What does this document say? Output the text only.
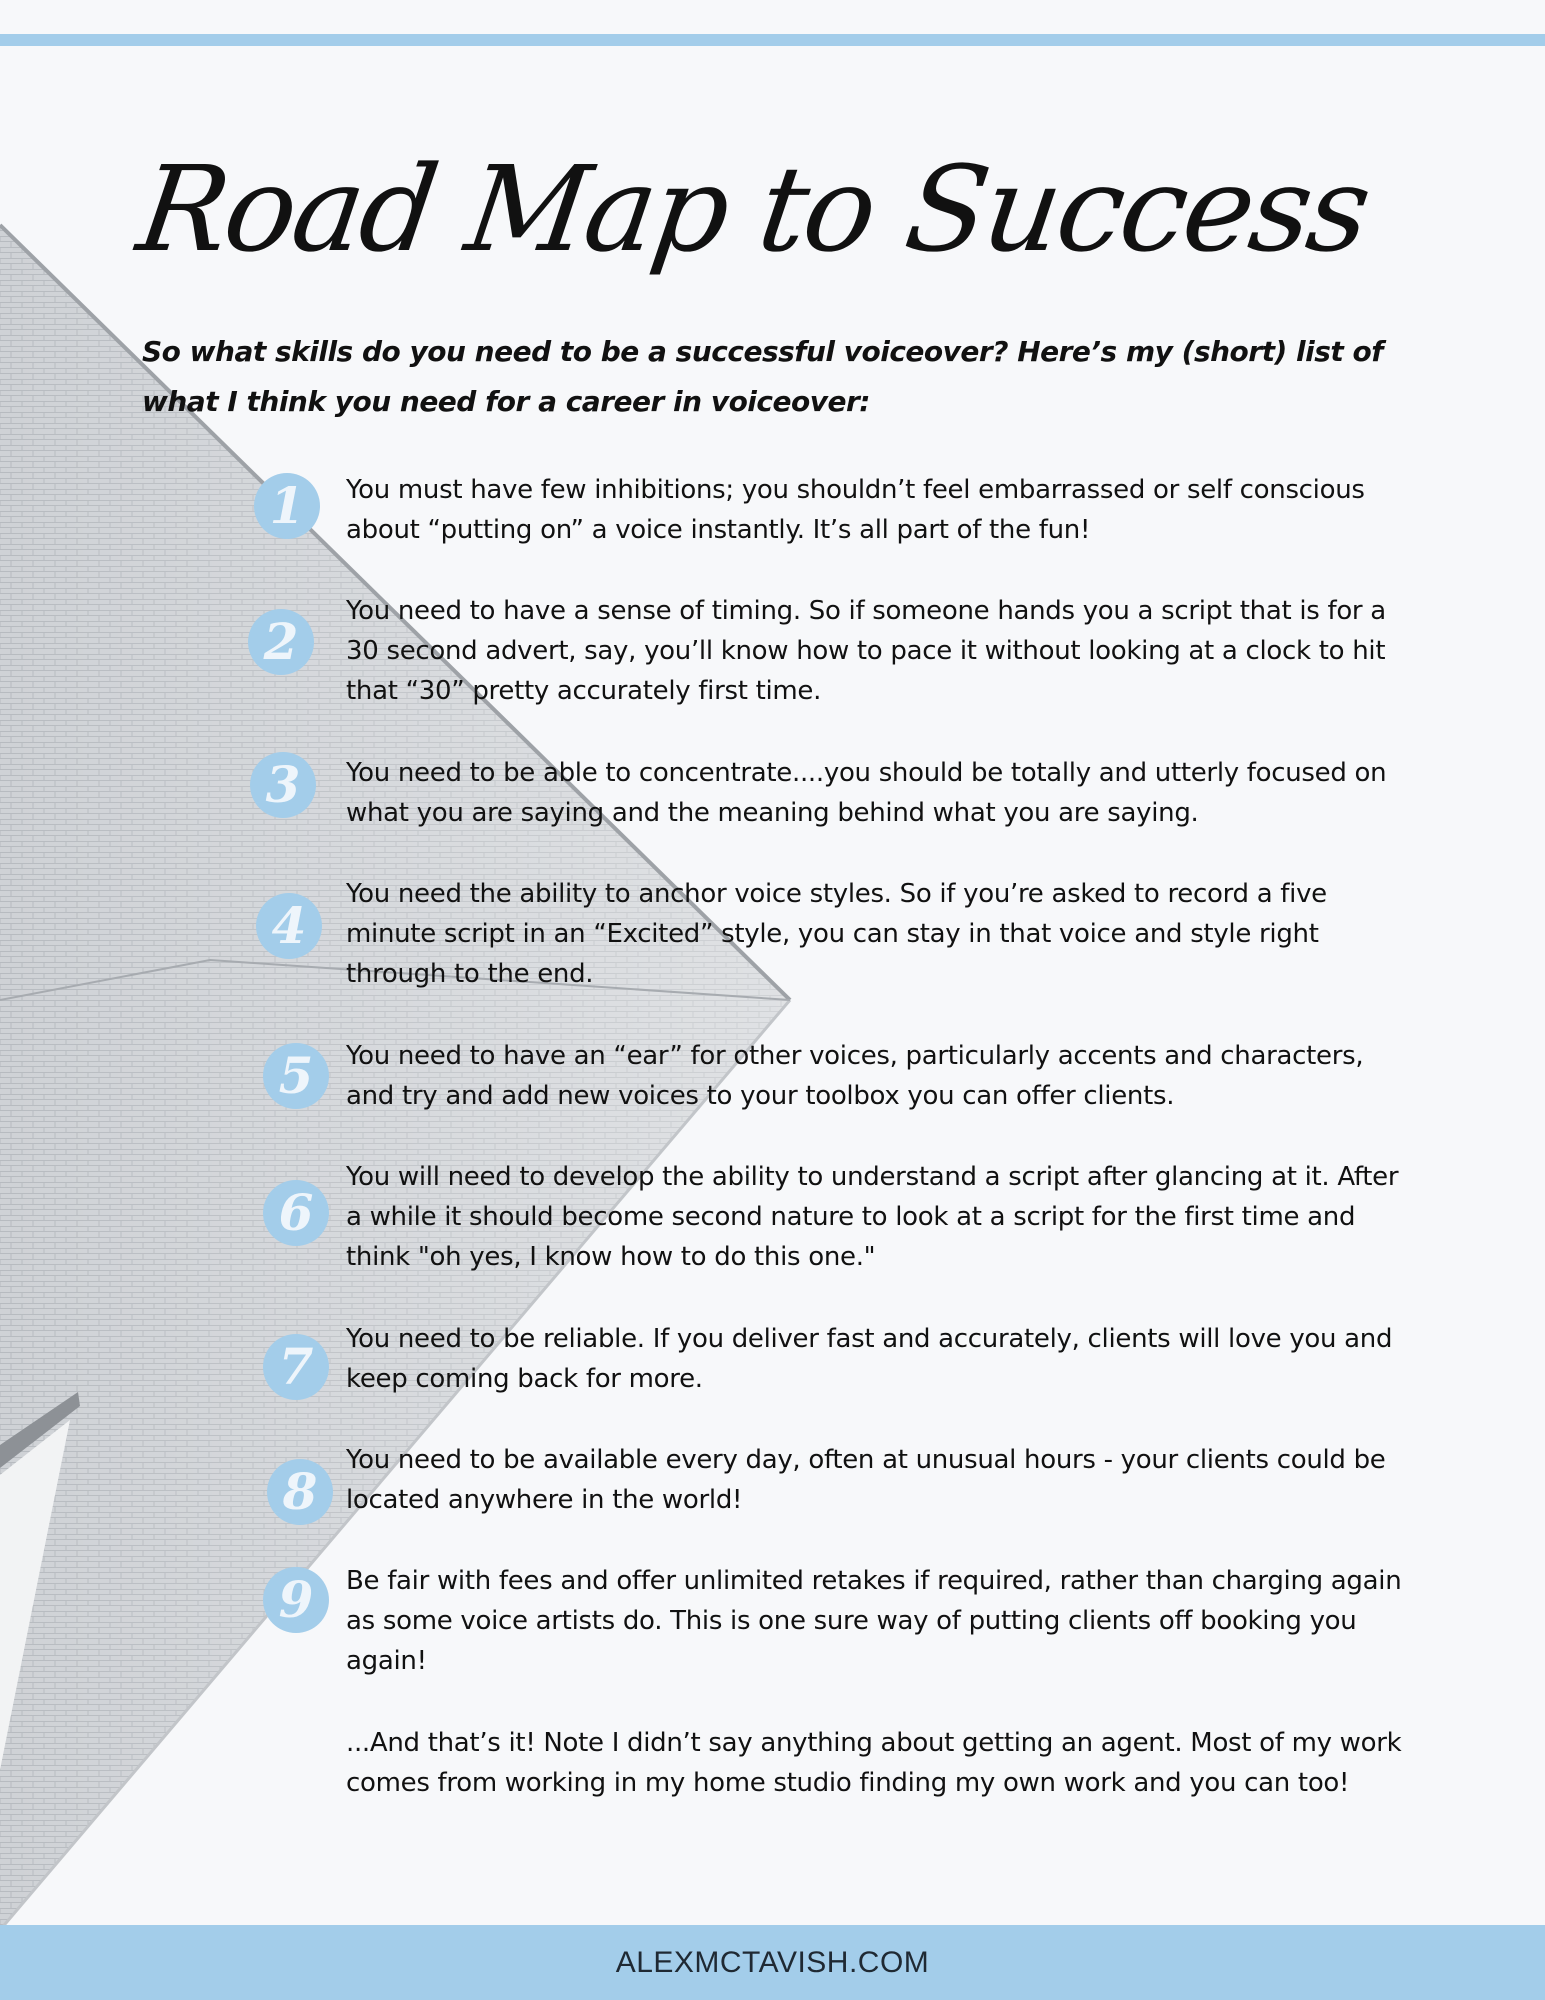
Road Map to Success

So what skills do you need to be a successful voiceover? Here’s my (short) list of what I think you need for a career in voiceover:

1	You must have few inhibitions; you shouldn’t feel embarrassed or self conscious about “putting on” a voice instantly. It’s all part of the fun!

2

You need to have a sense of timing. So if someone hands you a script that is for a 30 second advert, say, you’ll know how to pace it without looking at a clock to hit that “30” pretty accurately first time.

3	You need to be able to concentrate....you should be totally and utterly focused on what you are saying and the meaning behind what you are saying.

4

You need the ability to anchor voice styles. So if you’re asked to record a five minute script in an “Excited” style, you can stay in that voice and style right through to the end.

5	You need to have an “ear” for other voices, particularly accents and characters, and try and add new voices to your toolbox you can offer clients.

6

You will need to develop the ability to understand a script after glancing at it. After a while it should become second nature to look at a script for the first time and think "oh yes, I know how to do this one."

7	You need to be reliable. If you deliver fast and accurately, clients will love you and keep coming back for more.

8

You need to be available every day, often at unusual hours - your clients could be located anywhere in the world!

9	Be fair with fees and offer unlimited retakes if required, rather than charging again as some voice artists do. This is one sure way of putting clients off booking you again!

...And that’s it! Note I didn’t say anything about getting an agent. Most of my work comes from working in my home studio finding my own work and you can too!

ALEXMCTAVISH.COM
